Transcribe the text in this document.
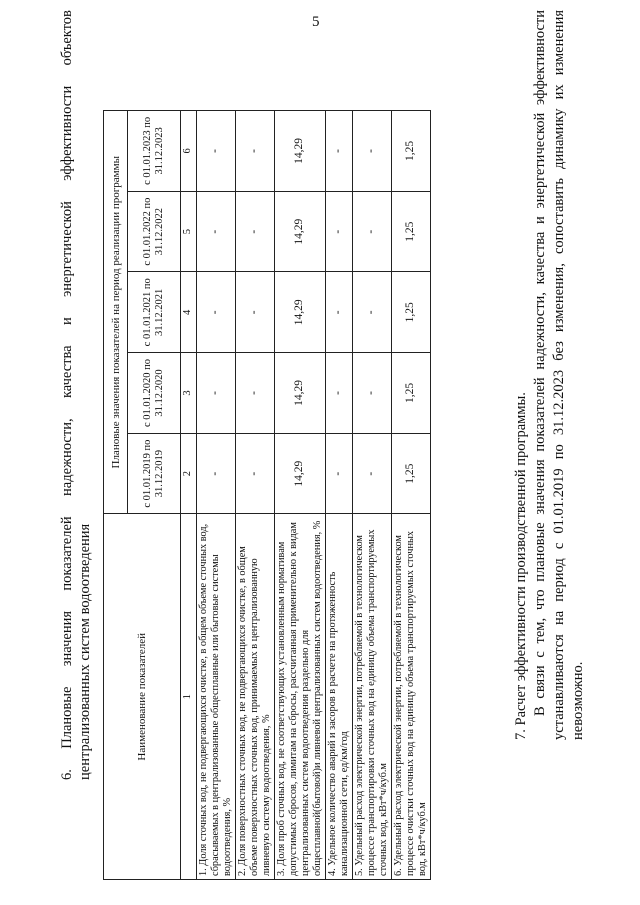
5
6.
Плановые
значения
показателей
надежности,
качества
и
энергетической
эффективности
объектов
централизованных систем водоотведения	Наименование показателей	Плановые значения показателей на период реализации программы				
	с 01.01.2019 по 31.12.2019	с 01.01.2020 по 31.12.2020	с 01.01.2021 по 31.12.2021	с 01.01.2022 по 31.12.2022	с 01.01.2023 по 31.12.2023
1	2	3	4	5	6
1. Доля сточных вод, не подвергающихся очистке, в общем объеме сточных вод, сбрасываемых в централизованные общесплавные или бытовые системы водоотведения, %	-	-	-	-	-
2. Доля поверхностных сточных вод, не подвергающихся очистке, в общем объеме поверхностных сточных вод, принимаемых в централизованную ливневую систему водоотведения, %	-	-	-	-	-
3. Доля проб сточных вод, не соответствующих установленным нормативам допустимых сбросов, лимитам на сбросы, рассчитанная применительно к видам централизованных систем водоотведения раздельно для общесплавной(бытовой)и ливневой централизованных систем водоотведения, %	14,29	14,29	14,29	14,29	14,29
4. Удельное количество аварий и засоров в расчете на протяженность канализационной сети, ед/км/год	-	-	-	-	-
5. Удельный расход электрической энергии, потребляемой в технологическом процессе транспортировки сточных вод на единицу объема транспортируемых сточных вод, кВт*ч/куб.м	-	-	-	-	-
6. Удельный расход электрической энергии, потребляемой в технологическом процессе очистки сточных вод на единицу объема транспортируемых сточных вод, кВт*ч/куб.м	1,25	1,25	1,25	1,25	1,25

7. Расчет эффективности производственной программы. В связи с тем, что плановые значения показателей надежности, качества и энергетической эффективности устанавливаются на период с 01.01.2019 по 31.12.2023 без изменения, сопоставить динамику их изменения невозможно.
